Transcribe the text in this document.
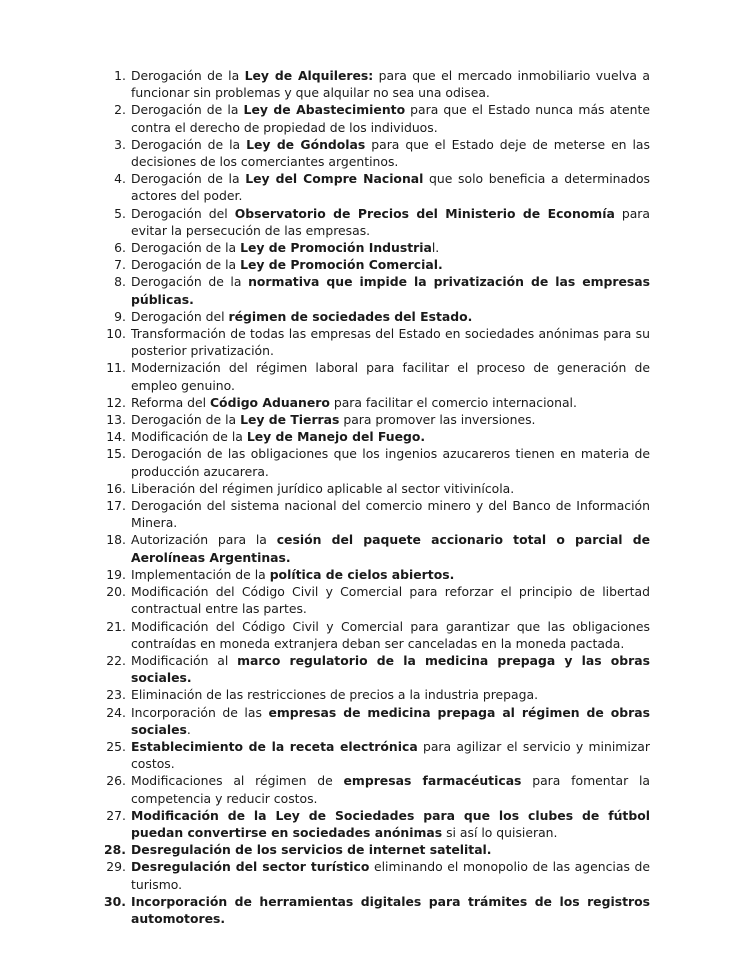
1. Derogación de la Ley de Alquileres: para que el mercado inmobiliario vuelva a funcionar sin problemas y que alquilar no sea una odisea.
2. Derogación de la Ley de Abastecimiento para que el Estado nunca más atente contra el derecho de propiedad de los individuos.
3. Derogación de la Ley de Góndolas para que el Estado deje de meterse en las decisiones de los comerciantes argentinos.
4. Derogación de la Ley del Compre Nacional que solo beneficia a determinados actores del poder.
5. Derogación del Observatorio de Precios del Ministerio de Economía para evitar la persecución de las empresas.
6. Derogación de la Ley de Promoción Industrial.
7. Derogación de la Ley de Promoción Comercial.
8. Derogación de la normativa que impide la privatización de las empresas públicas.
9. Derogación del régimen de sociedades del Estado.
10. Transformación de todas las empresas del Estado en sociedades anónimas para su posterior privatización.
11. Modernización del régimen laboral para facilitar el proceso de generación de empleo genuino.
12. Reforma del Código Aduanero para facilitar el comercio internacional.
13. Derogación de la Ley de Tierras para promover las inversiones.
14. Modificación de la Ley de Manejo del Fuego.
15. Derogación de las obligaciones que los ingenios azucareros tienen en materia de producción azucarera.
16. Liberación del régimen jurídico aplicable al sector vitivinícola.
17. Derogación del sistema nacional del comercio minero y del Banco de Información Minera.
18. Autorización para la cesión del paquete accionario total o parcial de Aerolíneas Argentinas.
19. Implementación de la política de cielos abiertos.
20. Modificación del Código Civil y Comercial para reforzar el principio de libertad contractual entre las partes.
21. Modificación del Código Civil y Comercial para garantizar que las obligaciones contraídas en moneda extranjera deban ser canceladas en la moneda pactada.
22. Modificación al marco regulatorio de la medicina prepaga y las obras sociales.
23. Eliminación de las restricciones de precios a la industria prepaga.
24. Incorporación de las empresas de medicina prepaga al régimen de obras sociales.
25. Establecimiento de la receta electrónica para agilizar el servicio y minimizar costos.
26. Modificaciones al régimen de empresas farmacéuticas para fomentar la competencia y reducir costos.
27. Modificación de la Ley de Sociedades para que los clubes de fútbol puedan convertirse en sociedades anónimas si así lo quisieran.
28. Desregulación de los servicios de internet satelital.
29. Desregulación del sector turístico eliminando el monopolio de las agencias de turismo.
30. Incorporación de herramientas digitales para trámites de los registros automotores.
